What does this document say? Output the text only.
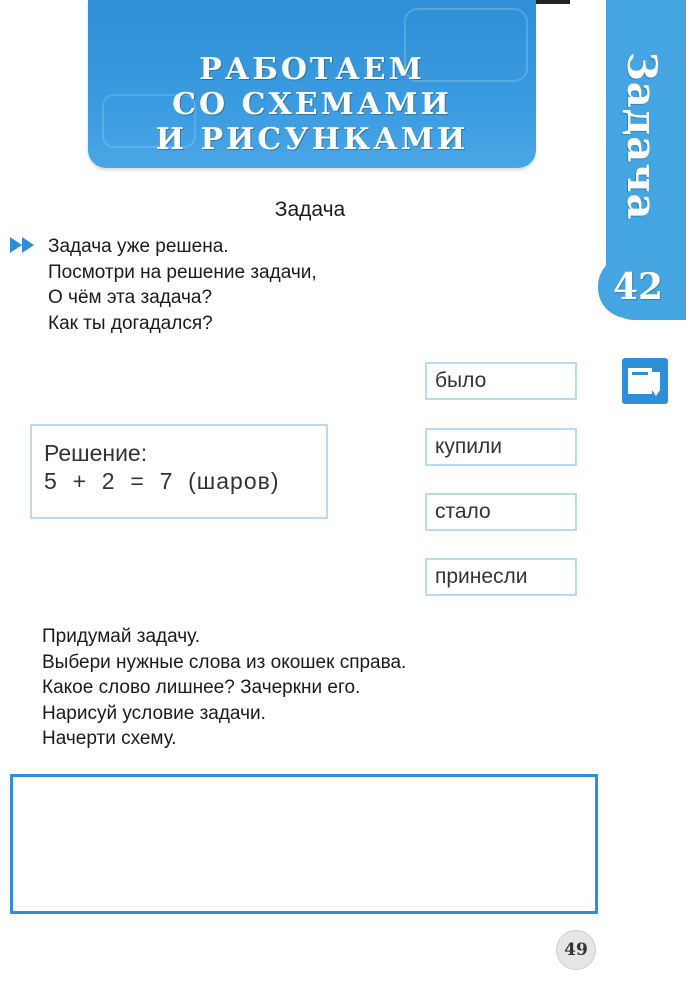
РАБОТАЕМ
СО СХЕМАМИ
И РИСУНКАМИ	Задача
42
Задача
Задача уже решена.
Посмотри на решение задачи,
О чём эта задача?
Как ты догадался?
Решение:
5  +  2  =  7  (шаров)
было
купили
стало
принесли
Придумай задачу.
Выбери нужные слова из окошек справа.
Какое слово лишнее? Зачеркни его.
Нарисуй условие задачи.
Начерти схему.
49
